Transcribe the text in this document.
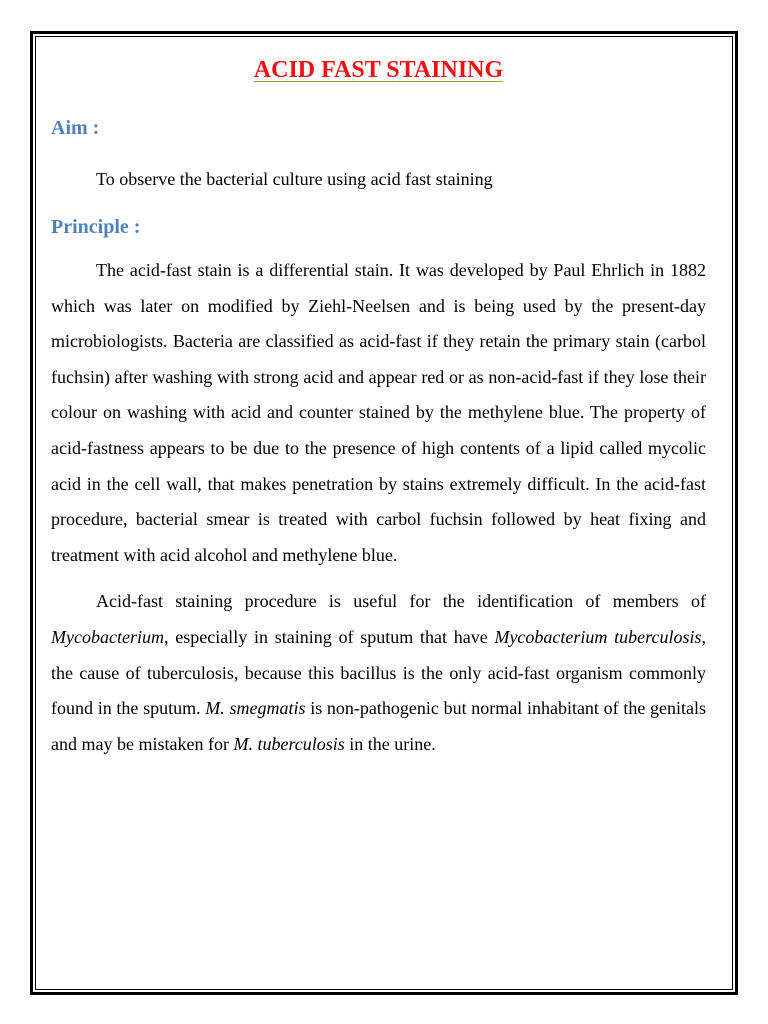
ACID FAST STAINING
Aim :

To observe the bacterial culture using acid fast staining

Principle :

The acid-fast stain is a differential stain. It was developed by Paul Ehrlich in 1882 which was later on modified by Ziehl-Neelsen and is being used by the present-day microbiologists. Bacteria are classified as acid-fast if they retain the primary stain (carbol fuchsin) after washing with strong acid and appear red or as non-acid-fast if they lose their colour on washing with acid and counter stained by the methylene blue. The property of acid-fastness appears to be due to the presence of high contents of a lipid called mycolic acid in the cell wall, that makes penetration by stains extremely difficult. In the acid-fast procedure, bacterial smear is treated with carbol fuchsin followed by heat fixing and treatment with acid alcohol and methylene blue.

Acid-fast staining procedure is useful for the identification of members of Mycobacterium, especially in staining of sputum that have Mycobacterium tuberculosis, the cause of tuberculosis, because this bacillus is the only acid-fast organism commonly found in the sputum. M. smegmatis is non-pathogenic but normal inhabitant of the genitals and may be mistaken for M. tuberculosis in the urine.
